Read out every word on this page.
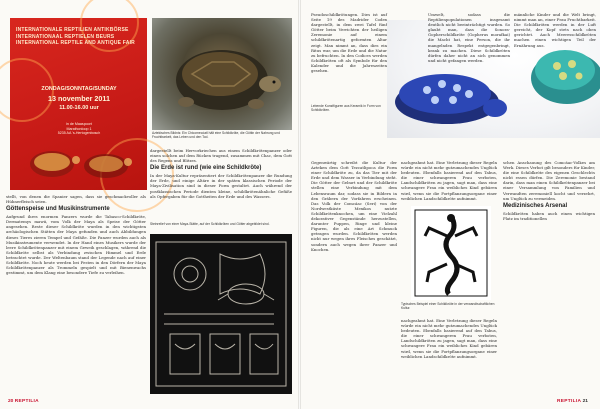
INTERNATIONALE REPTILIEN ANTIKBÖRSE
INTERNATIONAAL REPTIELEN BEURS
INTERNATIONAL REPTILE AND ANTIQUE FAIR
ZONDAG/SONNTAG/SUNDAY
13 november 2011
11.00-16.00 uur
in de Maaspoort
Marathonloop 1
5235 AA 's-Hertogenbosch	Aztekisches Bildnis: Ein Chicomecóatl hält eine Schildkröte, die Göttin der Nahrung und Fruchtbarkeit, das Leben und den Tod.

dargestellt beim Hervorkriechen aus einem Schildkrötenpanzer oder einen solchen auf dem Rücken tragend, zusammen mit Chac, dem Gott des Regens und Blitzes.

Die Erde ist rund (wie eine Schildkröte)

In der Maya-Kultur repräsentiert der Schildkrötenpanzer die Rundung der Erde, und einige Altäre in der späten klassischen Periode der Maya-Zivilisation sind in dieser Form gestaltet. Auch während der postklassischen Periode dienten kleine, schildkrötenähnliche Gefäße als Opfergaben für die Gottheiten der Erde und des Wassers.

Steinrelief von einer Maya-Stätte, auf der Schildkröten und Götter abgebildet sind.

stellt, von denen die Spanier sagen, dass sie geschmackvoller als Hühnerfleisch seien.

Göttenspeise und Musikinstrumente

Aufgrund ihres enormen Panzers wurde die Tabasco-Schildkröte, Dermatemys mawii, vom Volk der Maya als Speise der Götter angesehen. Reste dieser Schildkröte wurden in den wichtigsten archäologischen Stätten der Maya gefunden und auch Abbildungen dieses Tieres zieren Tempel und Gefäße. Die Panzer wurden auch als Musikinstrumente verwendet. In der Hand eines Musikers wurde der leere Schildkrötenpanzer mit einem Geweih geschlagen, während die Schildkröte selbst als Verbindung zwischen Himmel und Erde betrachtet wurde. Der Weltenbaum stand der Legende nach auf einer Schildkröte. Noch heute werden bei Festen in den Dörfern der Maya Schildkrötenpanzer als Trommeln gespielt und mit Bienenwachs gestimmt, um dem Klang eine besondere Tiefe zu verleihen.

20 REPTILIA
Pseudoschildkrötungen. Dies ist auf Seite 19 des Madrider Codex dargestellt, in dem zwei Tafel fünf Götter beim Verrichten der heiligen Zeremonie auf einem schildkrötenartig geformten Altar zeigt. Man nimmt an, dass dies ein Ritus war, um die Erde und die Natur zu befruchten. In den Codices werden Schildkröten oft als Symbole für den Kalender und die Jahreszeiten gesehen.
Umwelt, sodass die Reptilienpopulationen insgesamt deutlich nicht beeinträchtigt wurden. So glaubt man, dass die Sonora-Gopherschildkröte (Gopherus morafkai) die Macht hat, eine Person, die ihr mangelnden Respekt entgegenbringt, krank zu machen. Diese Schildkröten dürfen daher nicht an sich genommen und nicht gefangen werden.
männliche Kinder und die Welt bringt, nimmt man an, einer Frau Fruchtbarkeit. Die Schildkröten werden in der Luft gereicht, der Kopf stets nach oben gerichtet. Auch Meeresschildkröten machen einen wichtigen Teil der Ernährung aus.
Lebende Kunstfiguren aus Keramik in Form von Schildkröten.
Gegenwärtig schreibt die Kultur der Azteken dem Gott Tezcatlipoca die Form einer Schildkröte zu, da das Tier mit der Erde und dem Wasser in Verbindung steht. Die Götter der Geburt und der Schildkröte stellen eine Verbindung mit dem Lebensraum dar, sodass sie in Bildern in den Gräbern der Vorfahren erscheinen. Das Volk der Comcáac (Seri) von der Nordwestküste Mexikos nutzte Schildkrötenknochen, um eine Vielzahl dekorativer Gegenstände herzustellen, darunter Puppen, Ringe und kleine Figuren, die als eine Art Schmuck getragen wurden. Schildkröten werden nicht nur wegen ihres Fleisches geschätzt, sondern auch wegen ihrer Panzer und Knochen.

nachgeahmt hat. Eine Verletzung dieser Regeln würde ein nicht mehr gutzumachendes Unglück bedeuten. Ebenfalls basierend auf den Tabus, die einer schwangeren Frau verboten, Landschildkröten zu jagen, sagt man, dass eine schwangere Frau ein weibliches Kind gebären wird, wenn sie die Fortpflanzungsorgane einer weiblichen Landschildkröte aufnimmt.

Typisches Beispiel einer Schildkröte in der verwandtschaftlichen Kultur.

nachgeahmt hat. Eine Verletzung dieser Regeln würde ein nicht mehr gutzumachendes Unglück bedeuten. Ebenfalls basierend auf den Tabus, die einer schwangeren Frau verboten, Landschildkröten zu jagen, sagt man, dass eine schwangere Frau ein weibliches Kind gebären wird, wenn sie die Fortpflanzungsorgane einer weiblichen Landschildkröte aufnimmt.

schen Anschauung des Comcáac-Volkes am Werk. Dieses Verbot gilt besonders für Kinder, die eine Schildkröte des eigenen Geschlechts nicht essen dürfen. Die Zeremonie bestand darin, dass man einen Schildkrötenpanzer bei einer Versammlung von Familien und Verwandten zeremoniell kocht und verzehrt, um Unglück zu vermeiden.

Medizinisches Arsenal

Schildkröten haben auch einen wichtigen Platz im traditionellen

REPTILIA 21
